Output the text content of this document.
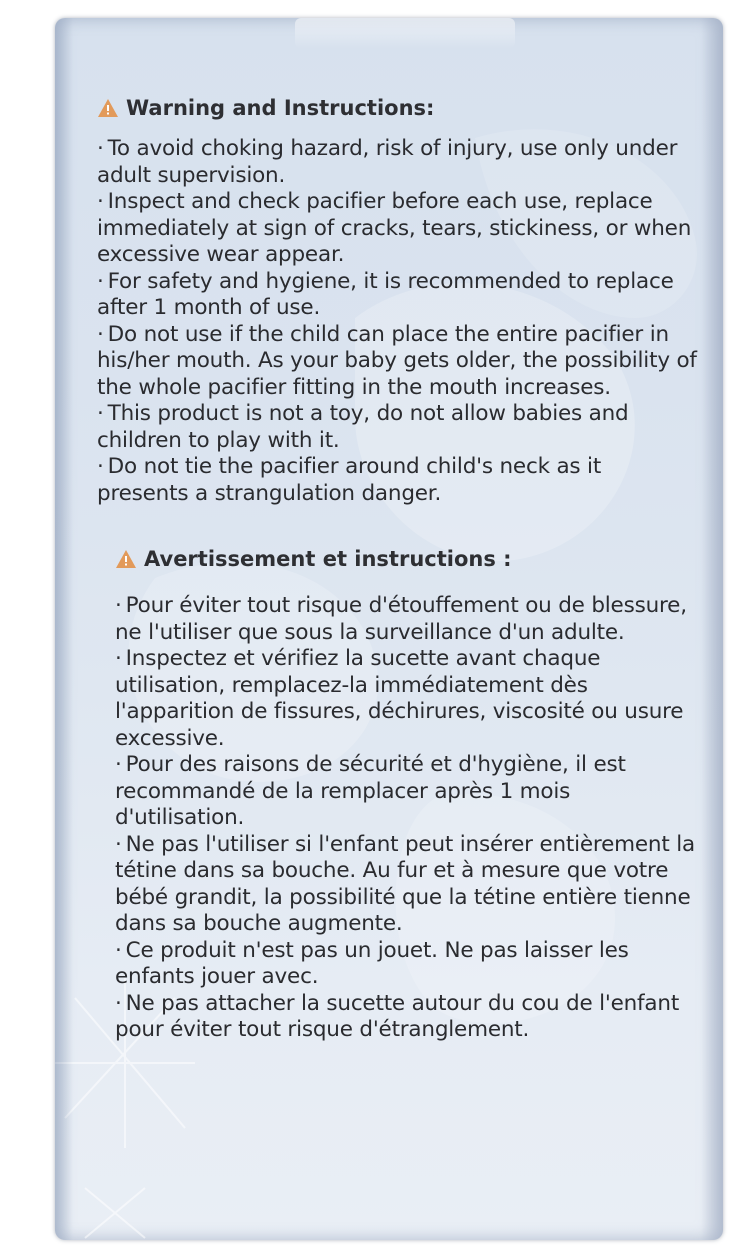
Warning and Instructions:

· To avoid choking hazard, risk of injury, use only under adult supervision.

· Inspect and check pacifier before each use, replace immediately at sign of cracks, tears, stickiness, or when excessive wear appear.

· For safety and hygiene, it is recommended to replace after 1 month of use.

· Do not use if the child can place the entire pacifier in his/her mouth. As your baby gets older, the possibility of the whole pacifier fitting in the mouth increases.

· This product is not a toy, do not allow babies and children to play with it.

· Do not tie the pacifier around child's neck as it presents a strangulation danger.

Avertissement et instructions :

· Pour éviter tout risque d'étouffement ou de blessure, ne l'utiliser que sous la surveillance d'un adulte.

· Inspectez et vérifiez la sucette avant chaque utilisation, remplacez-la immédiatement dès l'apparition de fissures, déchirures, viscosité ou usure excessive.

· Pour des raisons de sécurité et d'hygiène, il est recommandé de la remplacer après 1 mois d'utilisation.

· Ne pas l'utiliser si l'enfant peut insérer entièrement la tétine dans sa bouche. Au fur et à mesure que votre bébé grandit, la possibilité que la tétine entière tienne dans sa bouche augmente.

· Ce produit n'est pas un jouet. Ne pas laisser les enfants jouer avec.

· Ne pas attacher la sucette autour du cou de l'enfant pour éviter tout risque d'étranglement.
